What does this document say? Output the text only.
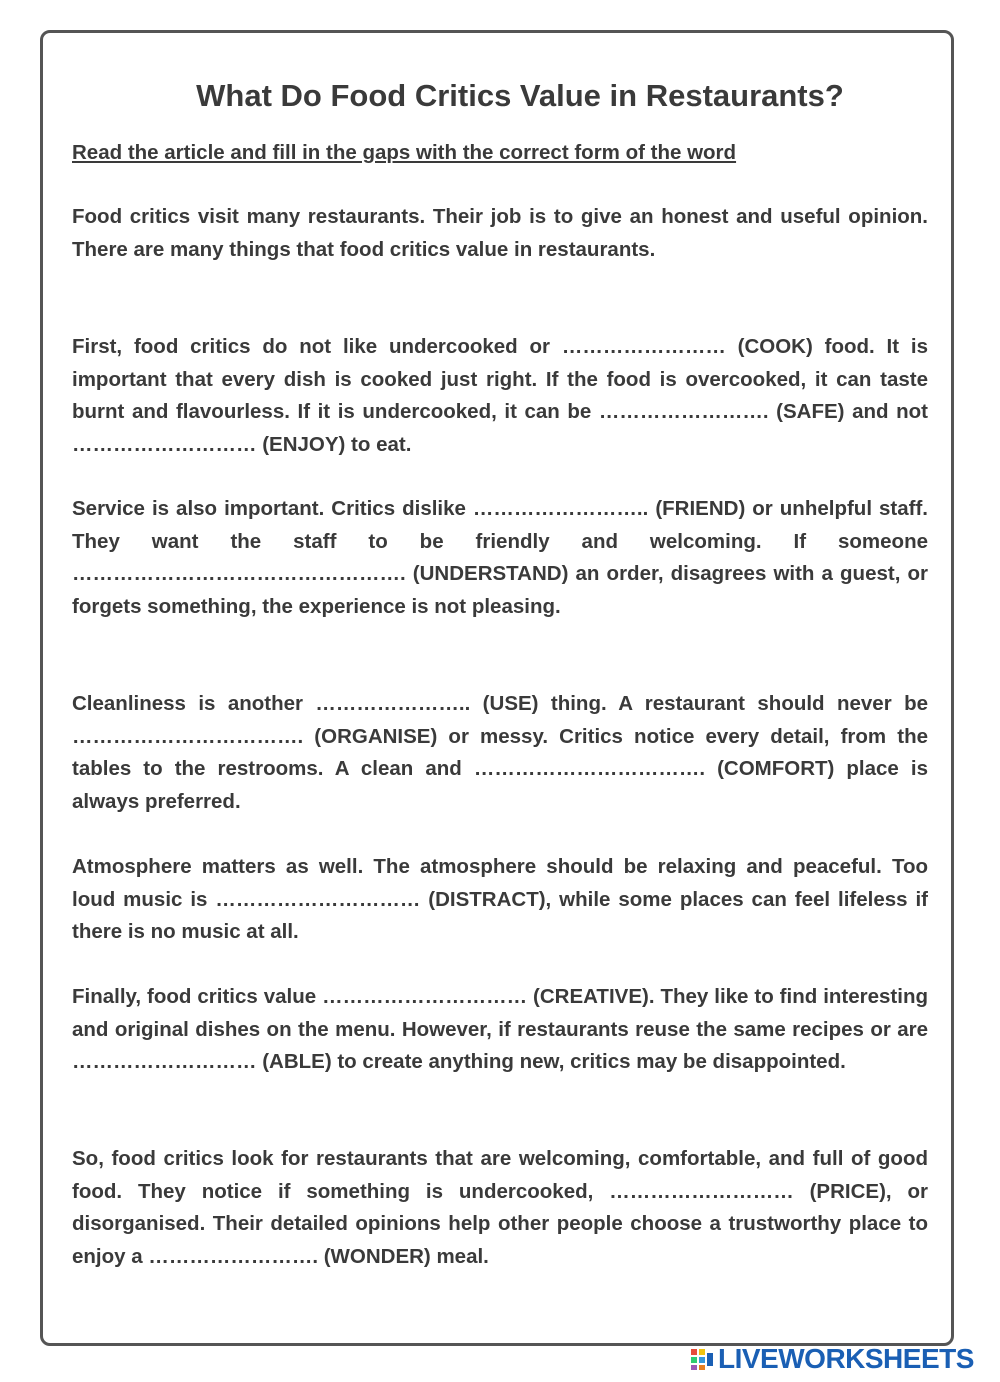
What Do Food Critics Value in Restaurants?

Read the article and fill in the gaps with the correct form of the word

Food critics visit many restaurants. Their job is to give an honest and useful opinion. There are many things that food critics value in restaurants.

First, food critics do not like undercooked or …………………… (COOK) food. It is important that every dish is cooked just right. If the food is overcooked, it can taste burnt and flavourless. If it is undercooked, it can be ……………………. (SAFE) and not ……………………… (ENJOY) to eat.

Service is also important. Critics dislike …………………….. (FRIEND) or unhelpful staff. They want the staff to be friendly and welcoming. If someone …………………………………………. (UNDERSTAND) an order, disagrees with a guest, or forgets something, the experience is not pleasing.

Cleanliness is another ………………….. (USE) thing. A restaurant should never be ……………………………. (ORGANISE) or messy. Critics notice every detail, from the tables to the restrooms. A clean and ……………………………. (COMFORT) place is always preferred.

Atmosphere matters as well. The atmosphere should be relaxing and peaceful. Too loud music is ………………………… (DISTRACT), while some places can feel lifeless if there is no music at all.

Finally, food critics value ………………………… (CREATIVE). They like to find interesting and original dishes on the menu. However, if restaurants reuse the same recipes or are ……………………… (ABLE) to create anything new, critics may be disappointed.

So, food critics look for restaurants that are welcoming, comfortable, and full of good food. They notice if something is undercooked, ……………………… (PRICE), or disorganised. Their detailed opinions help other people choose a trustworthy place to enjoy a ……………………. (WONDER) meal.

LIVEWORKSHEETS
